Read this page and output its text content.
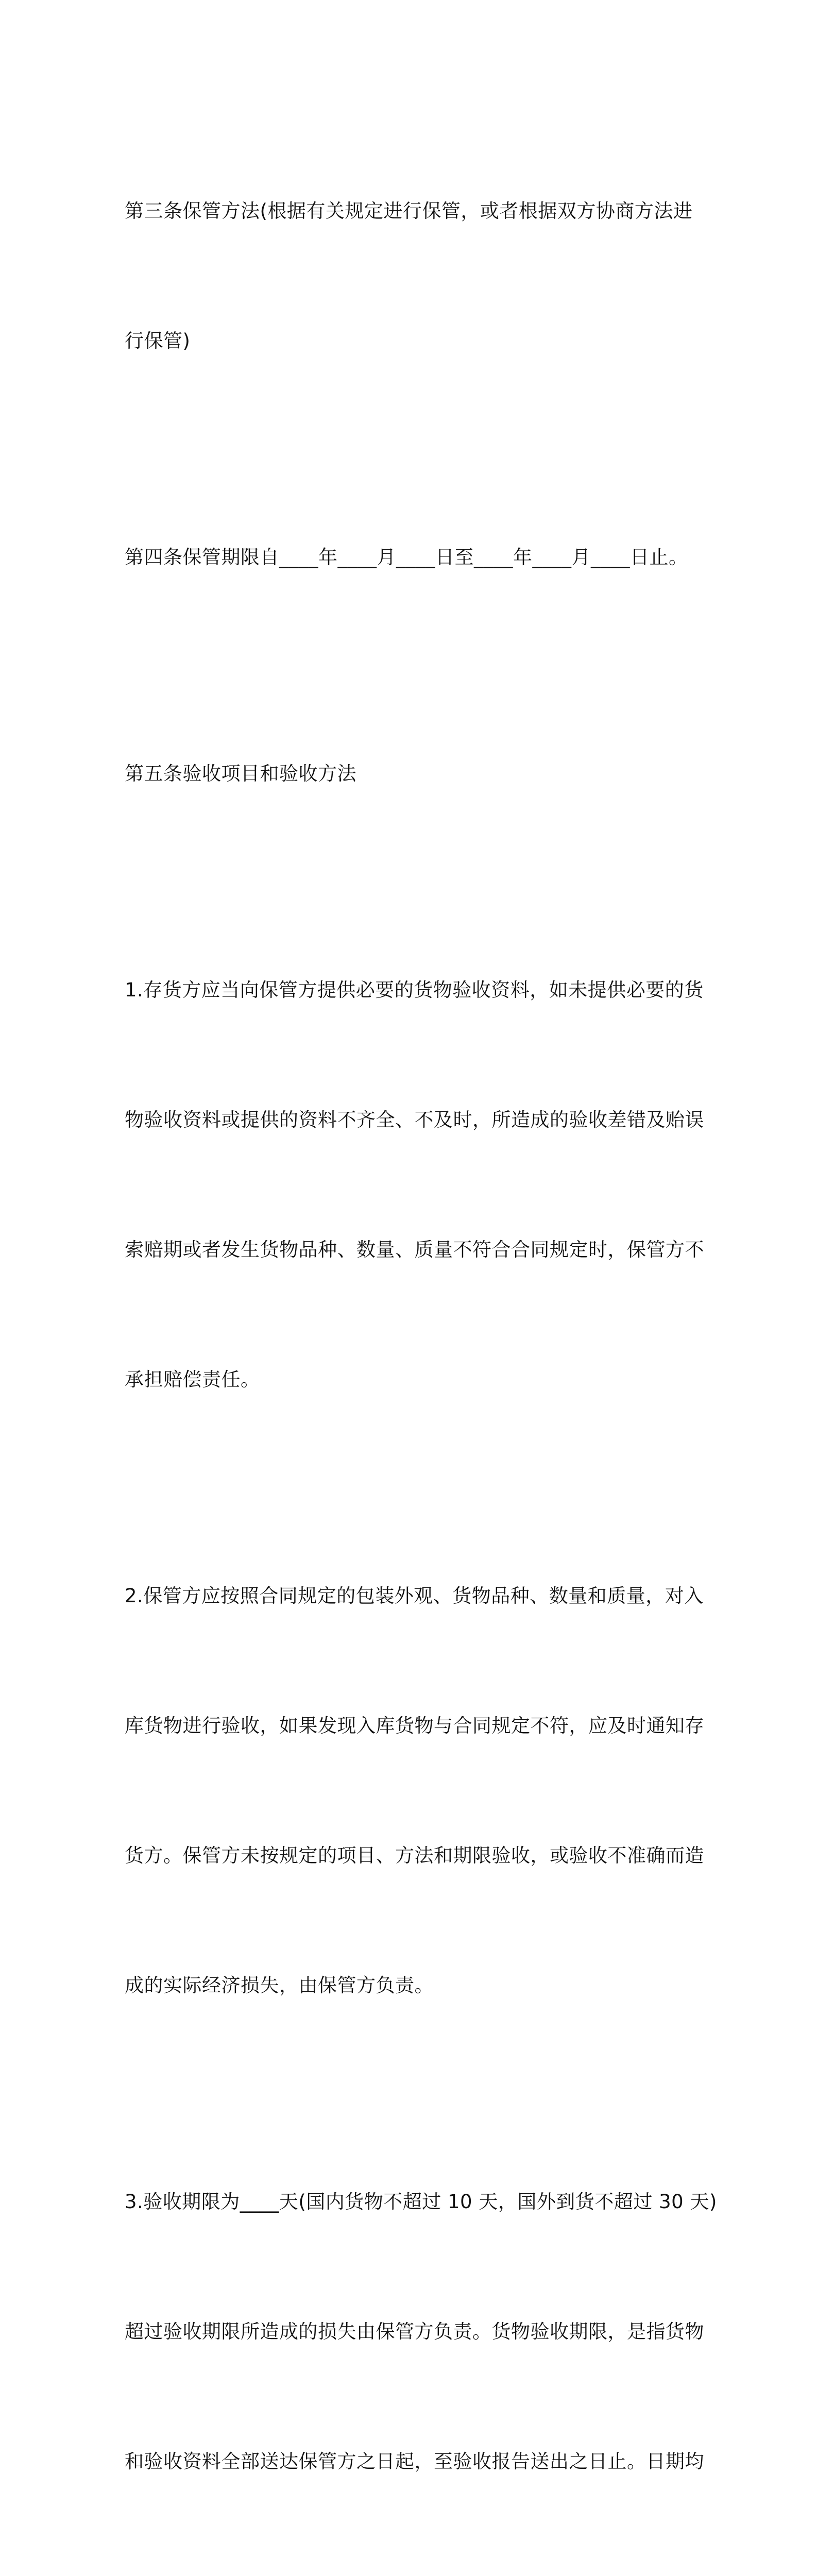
第三条保管方法(根据有关规定进行保管，或者根据双方协商方法进

行保管)

第四条保管期限自____年____月____日至____年____月____日止。

第五条验收项目和验收方法

1.存货方应当向保管方提供必要的货物验收资料，如未提供必要的货

物验收资料或提供的资料不齐全、不及时，所造成的验收差错及贻误

索赔期或者发生货物品种、数量、质量不符合合同规定时，保管方不

承担赔偿责任。

2.保管方应按照合同规定的包装外观、货物品种、数量和质量，对入

库货物进行验收，如果发现入库货物与合同规定不符，应及时通知存

货方。保管方未按规定的项目、方法和期限验收，或验收不准确而造

成的实际经济损失，由保管方负责。

3.验收期限为____天(国内货物不超过 10 天，国外到货不超过 30 天)

超过验收期限所造成的损失由保管方负责。货物验收期限，是指货物

和验收资料全部送达保管方之日起，至验收报告送出之日止。日期均
